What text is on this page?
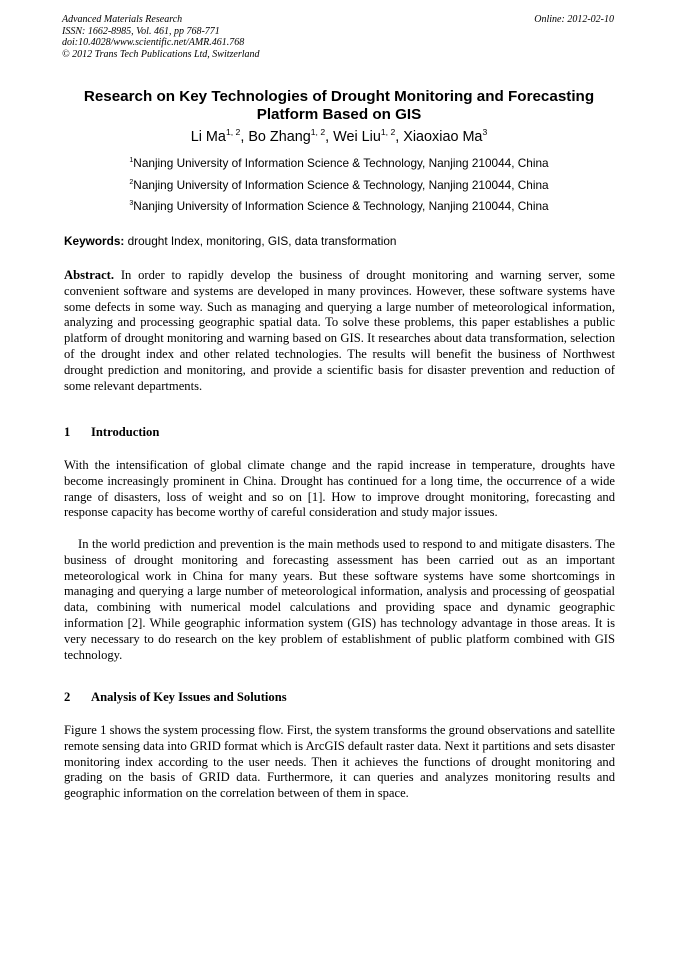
Advanced Materials Research
ISSN: 1662-8985, Vol. 461, pp 768-771
doi:10.4028/www.scientific.net/AMR.461.768
© 2012 Trans Tech Publications Ltd, Switzerland
Online: 2012-02-10
Research on Key Technologies of Drought Monitoring and Forecasting
Platform Based on GIS
Li Ma$^{1, 2}$, Bo Zhang$^{1, 2}$, Wei Liu$^{1, 2}$, Xiaoxiao Ma$^3$
$^1$Nanjing University of Information Science & Technology, Nanjing 210044, China
$^2$Nanjing University of Information Science & Technology, Nanjing 210044, China
$^3$Nanjing University of Information Science & Technology, Nanjing 210044, China
Keywords: drought Index, monitoring, GIS, data transformation
Abstract. In order to rapidly develop the business of drought monitoring and warning server, some convenient software and systems are developed in many provinces. However, these software systems have some defects in some way. Such as managing and querying a large number of meteorological information, analyzing and processing geographic spatial data. To solve these problems, this paper establishes a public platform of drought monitoring and warning based on GIS. It researches about data transformation, selection of the drought index and other related technologies. The results will benefit the business of Northwest drought prediction and monitoring, and provide a scientific basis for disaster prevention and reduction of some relevant departments.
1 Introduction
With the intensification of global climate change and the rapid increase in temperature, droughts have become increasingly prominent in China. Drought has continued for a long time, the occurrence of a wide range of disasters, loss of weight and so on [1]. How to improve drought monitoring, forecasting and response capacity has become worthy of careful consideration and study major issues.
In the world prediction and prevention is the main methods used to respond to and mitigate disasters. The business of drought monitoring and forecasting assessment has been carried out as an important meteorological work in China for many years. But these software systems have some shortcomings in managing and querying a large number of meteorological information, analysis and processing of geospatial data, combining with numerical model calculations and providing space and dynamic geographic information [2]. While geographic information system (GIS) has technology advantage in those areas. It is very necessary to do research on the key problem of establishment of public platform combined with GIS technology.
2 Analysis of Key Issues and Solutions
Figure 1 shows the system processing flow. First, the system transforms the ground observations and satellite remote sensing data into GRID format which is ArcGIS default raster data. Next it partitions and sets disaster monitoring index according to the user needs. Then it achieves the functions of drought monitoring and grading on the basis of GRID data. Furthermore, it can queries and analyzes monitoring results and geographic information on the correlation between of them in space.
